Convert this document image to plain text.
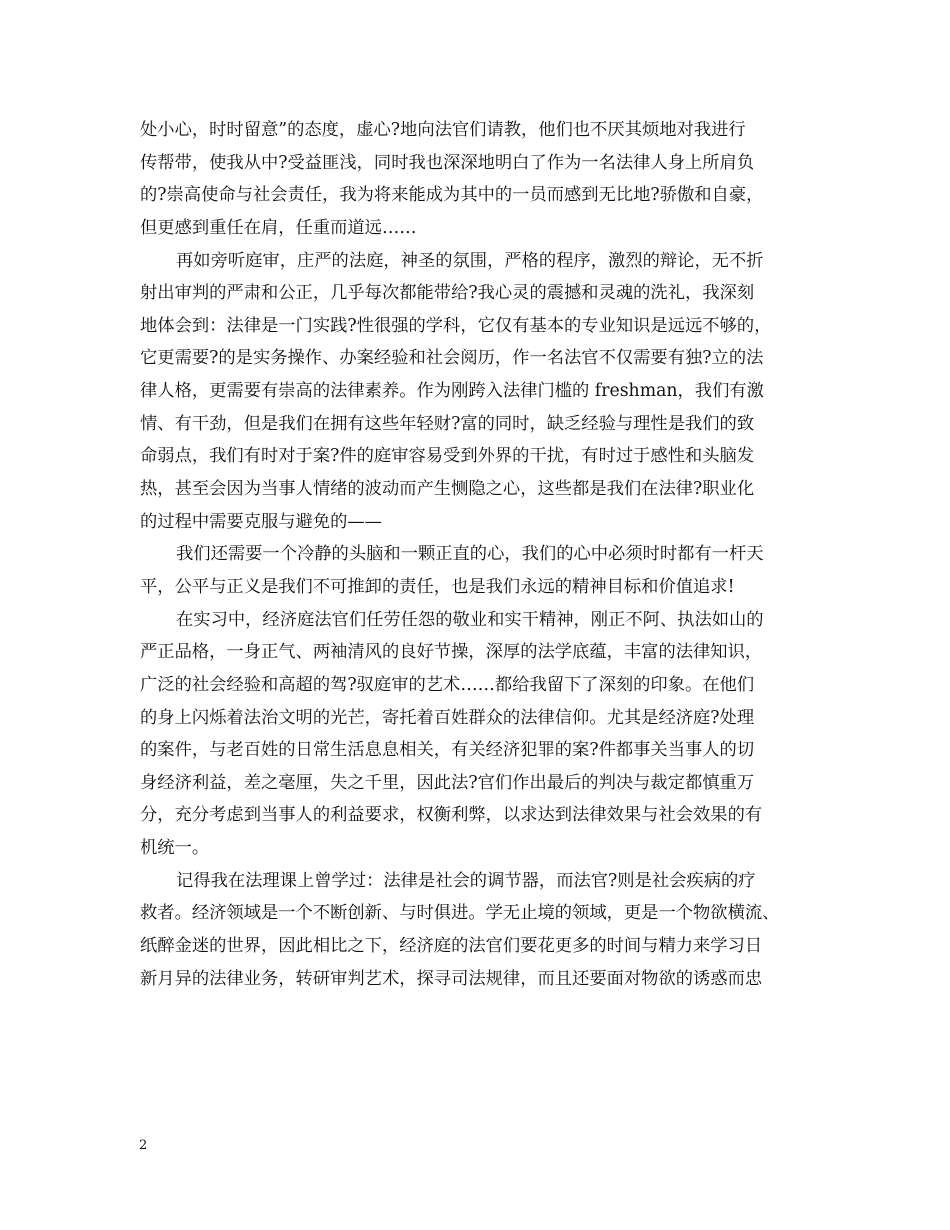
处小心，时时留意”的态度，虚心?地向法官们请教，他们也不厌其烦地对我进行
传帮带，使我从中?受益匪浅，同时我也深深地明白了作为一名法律人身上所肩负
的?崇高使命与社会责任，我为将来能成为其中的一员而感到无比地?骄傲和自豪，
但更感到重任在肩，任重而道远……
再如旁听庭审，庄严的法庭，神圣的氛围，严格的程序，激烈的辩论，无不折
射出审判的严肃和公正，几乎每次都能带给?我心灵的震撼和灵魂的洗礼，我深刻
地体会到：法律是一门实践?性很强的学科，它仅有基本的专业知识是远远不够的，
它更需要?的是实务操作、办案经验和社会阅历，作一名法官不仅需要有独?立的法
律人格，更需要有崇高的法律素养。作为刚跨入法律门槛的 freshman，我们有激
情、有干劲，但是我们在拥有这些年轻财?富的同时，缺乏经验与理性是我们的致
命弱点，我们有时对于案?件的庭审容易受到外界的干扰，有时过于感性和头脑发
热，甚至会因为当事人情绪的波动而产生恻隐之心，这些都是我们在法律?职业化
的过程中需要克服与避免的——
我们还需要一个冷静的头脑和一颗正直的心，我们的心中必须时时都有一杆天
平，公平与正义是我们不可推卸的责任，也是我们永远的精神目标和价值追求!
在实习中，经济庭法官们任劳任怨的敬业和实干精神，刚正不阿、执法如山的
严正品格，一身正气、两袖清风的良好节操，深厚的法学底蕴，丰富的法律知识，
广泛的社会经验和高超的驾?驭庭审的艺术……都给我留下了深刻的印象。在他们
的身上闪烁着法治文明的光芒，寄托着百姓群众的法律信仰。尤其是经济庭?处理
的案件，与老百姓的日常生活息息相关，有关经济犯罪的案?件都事关当事人的切
身经济利益，差之毫厘，失之千里，因此法?官们作出最后的判决与裁定都慎重万
分，充分考虑到当事人的利益要求，权衡利弊，以求达到法律效果与社会效果的有
机统一。
记得我在法理课上曾学过：法律是社会的调节器，而法官?则是社会疾病的疗
救者。经济领域是一个不断创新、与时俱进。学无止境的领域，更是一个物欲横流、
纸醉金迷的世界，因此相比之下，经济庭的法官们要花更多的时间与精力来学习日
新月异的法律业务，转研审判艺术，探寻司法规律，而且还要面对物欲的诱惑而忠
2
